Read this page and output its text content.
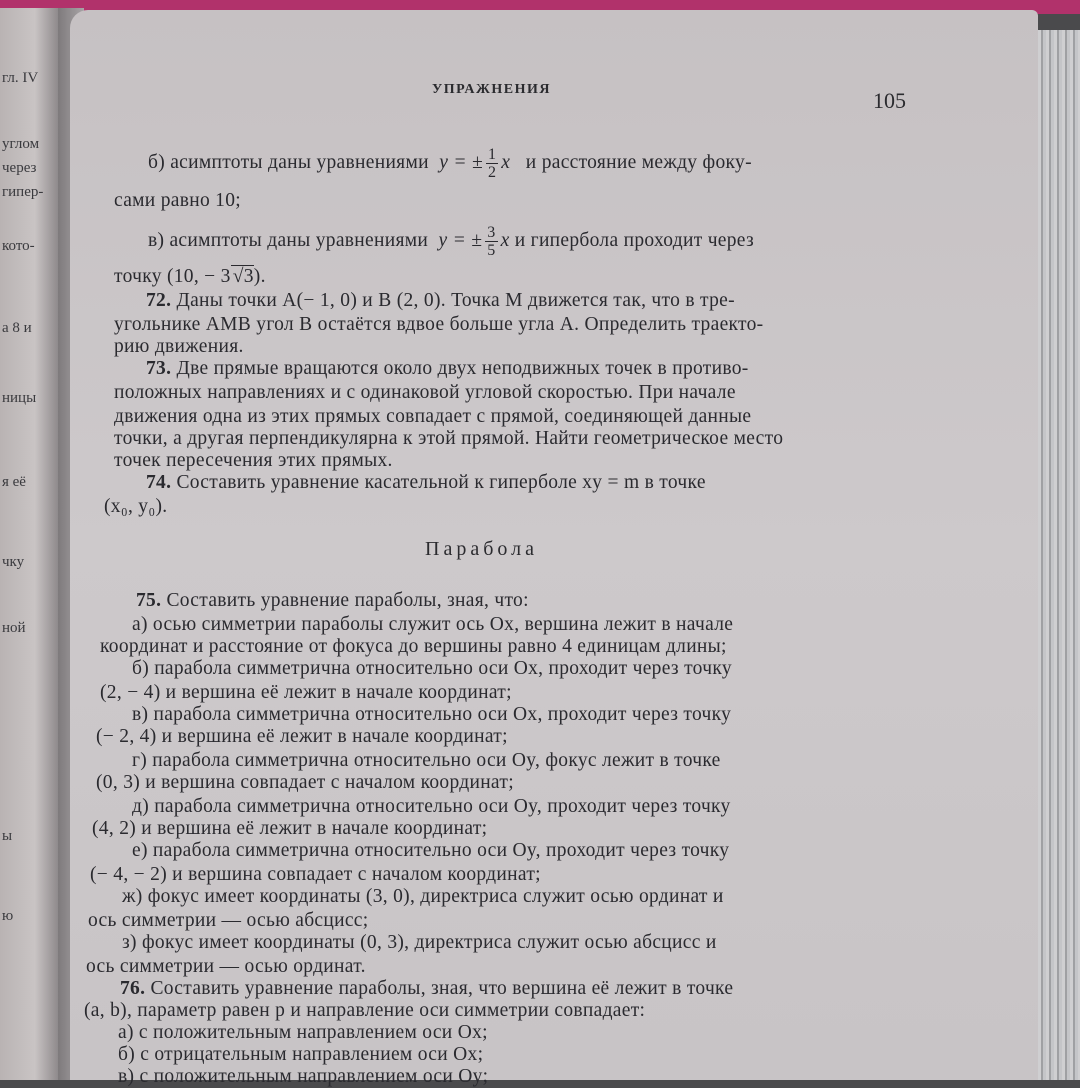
гл. IV
углом
через
гипер-
кото-
а 8 и
ницы
я её
чку
ной
ы
ю
УПРАЖНЕНИЯ	105
б) асимптоты даны уравнениями y = ± $\frac{1}{2}$ x и расстояние между фоку-
сами равно 10;
в) асимптоты даны уравнениями y = ± $\frac{3}{5}$ x и гипербола проходит через
точку (10, − 3 √3).
72. Даны точки A(− 1, 0) и B (2, 0). Точка M движется так, что в тре-
угольнике AMB угол B остаётся вдвое больше угла A. Определить траекто-
рию движения.
73. Две прямые вращаются около двух неподвижных точек в противо-
положных направлениях и с одинаковой угловой скоростью. При начале
движения одна из этих прямых совпадает с прямой, соединяющей данные
точки, а другая перпендикулярна к этой прямой. Найти геометрическое место
точек пересечения этих прямых.
74. Составить уравнение касательной к гиперболе xy = m в точке
(x₀, y₀).
Парабола
75. Составить уравнение параболы, зная, что:
а) осью симметрии параболы служит ось Ox, вершина лежит в начале
координат и расстояние от фокуса до вершины равно 4 единицам длины;
б) парабола симметрична относительно оси Ox, проходит через точку
(2, − 4) и вершина её лежит в начале координат;
в) парабола симметрична относительно оси Ox, проходит через точку
(− 2, 4) и вершина её лежит в начале координат;
г) парабола симметрична относительно оси Oy, фокус лежит в точке
(0, 3) и вершина совпадает с началом координат;
д) парабола симметрична относительно оси Oy, проходит через точку
(4, 2) и вершина её лежит в начале координат;
е) парабола симметрична относительно оси Oy, проходит через точку
(− 4, − 2) и вершина совпадает с началом координат;
ж) фокус имеет координаты (3, 0), директриса служит осью ординат и
ось симметрии — осью абсцисс;
з) фокус имеет координаты (0, 3), директриса служит осью абсцисс и
ось симметрии — осью ординат.
76. Составить уравнение параболы, зная, что вершина её лежит в точке
(a, b), параметр равен p и направление оси симметрии совпадает:
а) с положительным направлением оси Ox;
б) с отрицательным направлением оси Ox;
в) с положительным направлением оси Oy;
